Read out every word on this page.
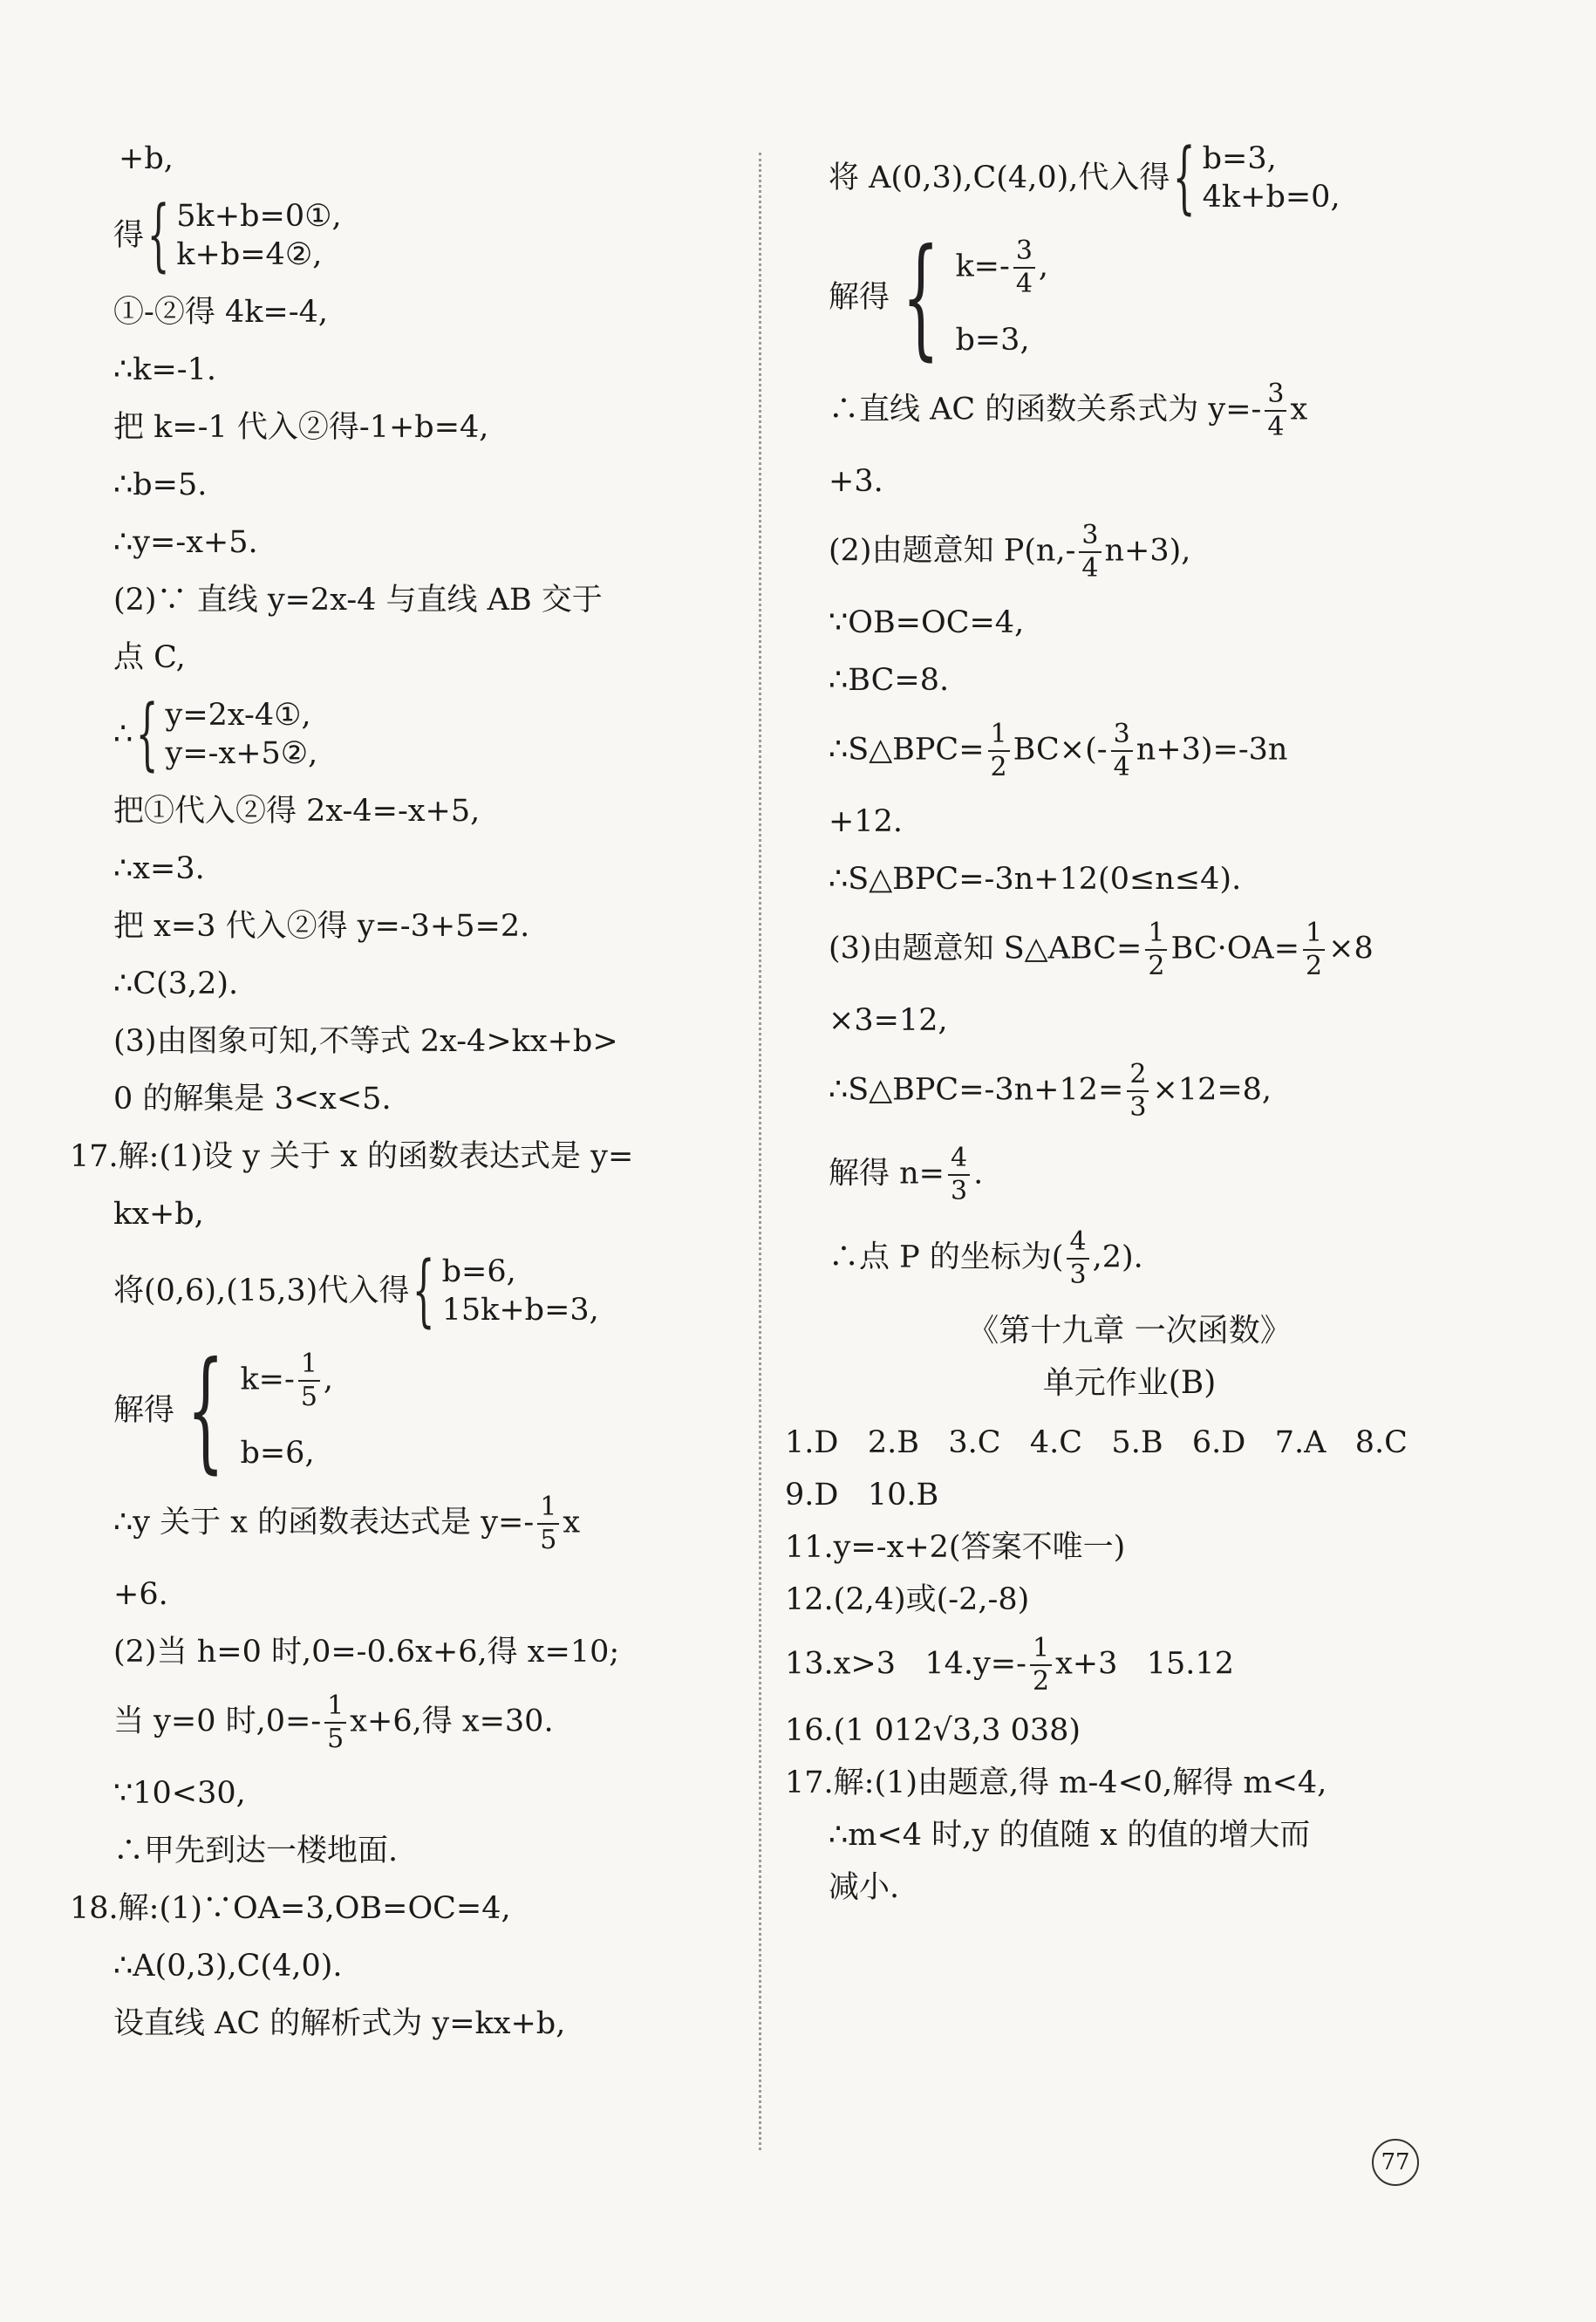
+b,
得 { 5k+b=0①,
k+b=4②,
①-②得 4k=-4,
∴k=-1.
把 k=-1 代入②得-1+b=4,
∴b=5.
∴y=-x+5.
(2)∵ 直线 y=2x-4 与直线 AB 交于
点 C,
∴ { y=2x-4①,
y=-x+5②,
把①代入②得 2x-4=-x+5,
∴x=3.
把 x=3 代入②得 y=-3+5=2.
∴C(3,2).
(3)由图象可知,不等式 2x-4>kx+b>
0 的解集是 3<x<5.
17.解:(1)设 y 关于 x 的函数表达式是 y=
kx+b,
将(0,6),(15,3)代入得 { b=6,
15k+b=3,
解得 { $k=- \frac{1}{5}$ ,
b=6,
∴y 关于 x 的函数表达式是 $y=- \frac{1}{5}$ x
+6.
(2)当 h=0 时,0=-0.6x+6,得 x=10;
当 y=0 时$,0=- \frac{1}{5} x+6$,得 x=30.
∵10<30,
∴甲先到达一楼地面.
18.解:(1)∵OA=3,OB=OC=4,
∴A(0,3),C(4,0).
设直线 AC 的解析式为 y=kx+b,
将 A(0,3),C(4,0),代入得 { b=3,
4k+b=0,
解得 { $k=- \frac{3}{4}$ ,
b=3,
∴直线 AC 的函数关系式为 $y=- \frac{3}{4}$ x
+3.
(2)由题意知 $P(n,- \frac{3}{4} n+3)$,
∵OB=OC=4,
∴BC=8.
∴S△BPC= $\frac{1}{2} BC\times(- \frac{3}{4} n+3)=-3n$
+12.
∴S△BPC=-3n+12(0≤n≤4).
(3)由题意知 S△ABC= $\frac{1}{2} BC\cdot OA= \frac{1}{2} \times 8$
×3=12,
∴S△BPC=-3n+12= $\frac{2}{3} \times 12=8$,
解得 $n= \frac{4}{3}$ .
∴点 P 的坐标为( $\frac{4}{3} ,2$).
《第十九章 一次函数》
单元作业(B)
1.D   2.B   3.C   4.C   5.B   6.D   7.A   8.C
9.D   10.B
11.y=-x+2(答案不唯一)
12.(2,4)或(-2,-8)
13.x>3   $14.y=- \frac{1}{2} x+3$   15.12
16.(1 012√3,3 038)
17.解:(1)由题意,得 m-4<0,解得 m<4,
∴m<4 时,y 的值随 x 的值的增大而
减小.
77
